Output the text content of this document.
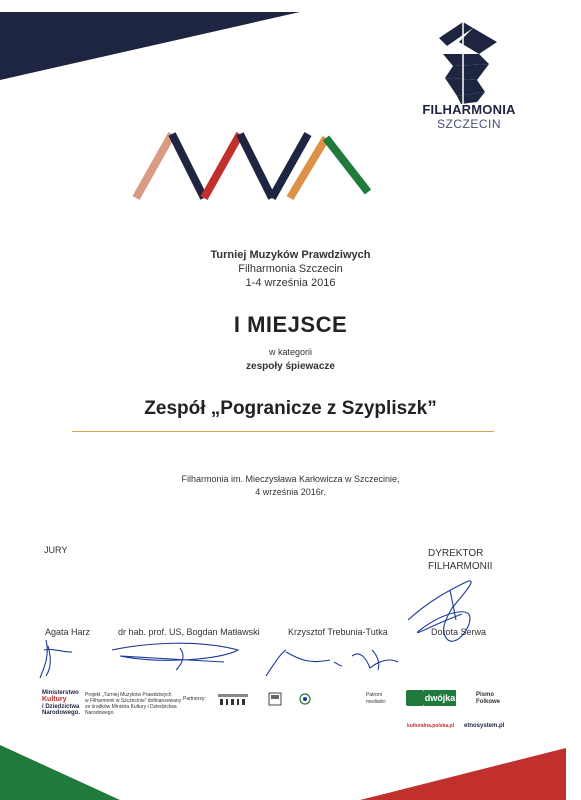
FILHARMONIA
SZCZECIN
Turniej Muzyków Prawdziwych
Filharmonia Szczecin
1-4 września 2016
I MIEJSCE
w kategorii
zespoły śpiewacze
Zespół „Pogranicze z Szypliszk”
Filharmonia im. Mieczysława Karłowicza w Szczecinie,
4 września 2016r.
JURY	DYREKTOR
FILHARMONII
Agata Harz	dr hab. prof. US, Bogdan Matławski	Krzysztof Trebunia-Tutka	Dorota Serwa
Ministerstwo
Kultury
i Dziedzictwa
Narodowego.
Projekt „Turniej Muzyków Prawdziwych
w Filharmonii w Szczecinie” dofinansowany
ze środków Ministra Kultury i Dziedzictwa
Narodowego.
Partnerzy:
Patroni
medialni:	dwójka	Pismo
Folkowe
kulturalna.polska.pl etnosystem.pl
